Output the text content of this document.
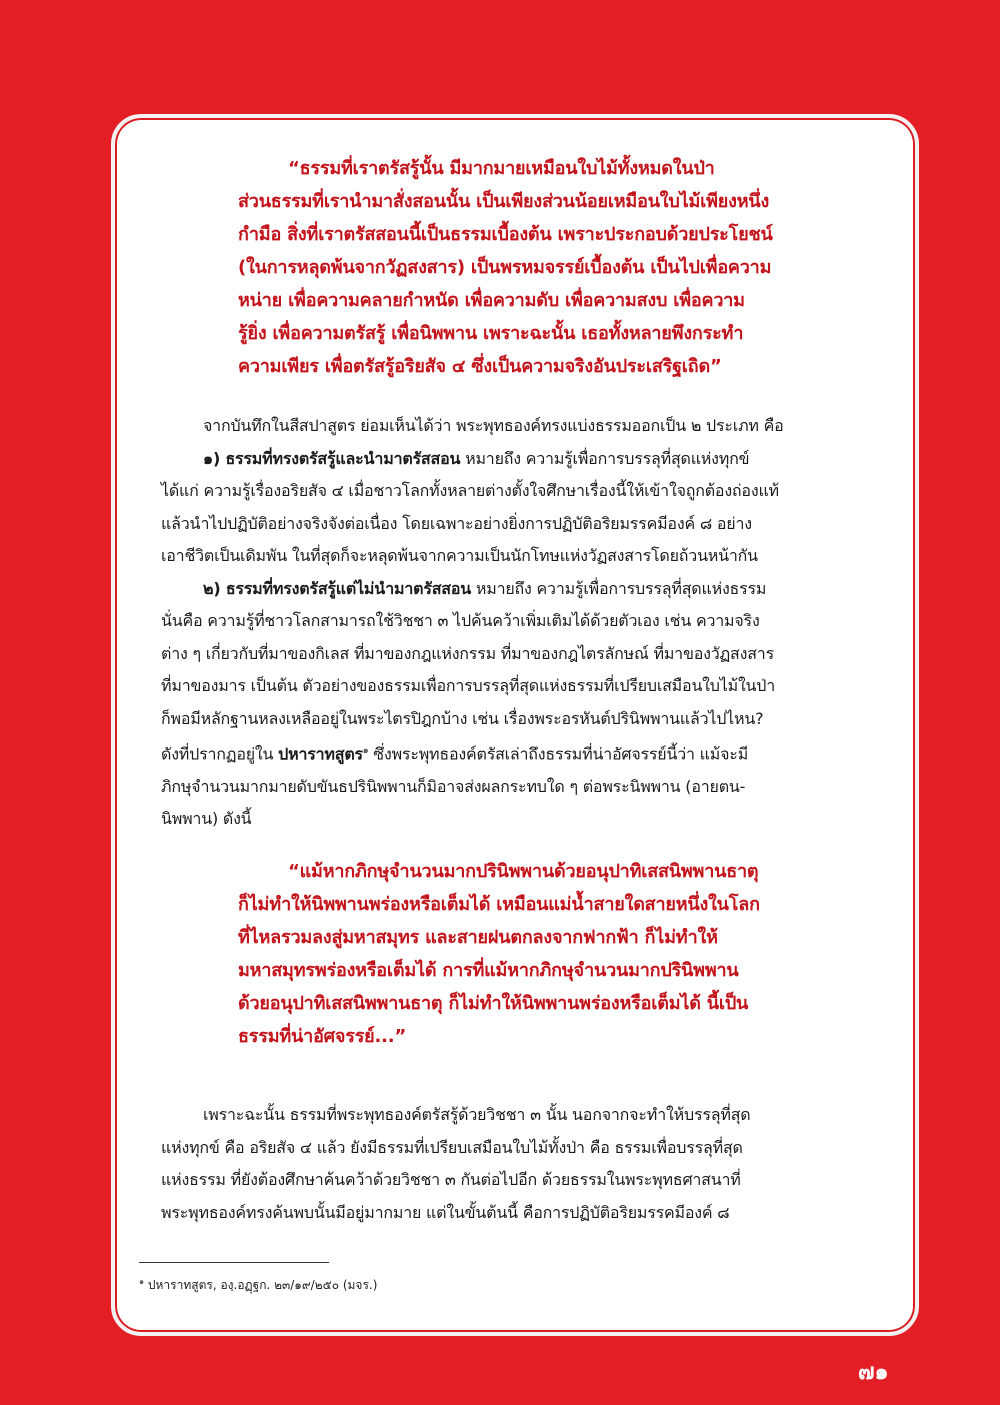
“ธรรมที่เราตรัสรู้นั้น มีมากมายเหมือนใบไม้ทั้งหมดในป่า
ส่วนธรรมที่เรานำมาสั่งสอนนั้น เป็นเพียงส่วนน้อยเหมือนใบไม้เพียงหนึ่ง
กำมือ สิ่งที่เราตรัสสอนนี้เป็นธรรมเบื้องต้น เพราะประกอบด้วยประโยชน์
(ในการหลุดพ้นจากวัฏสงสาร) เป็นพรหมจรรย์เบื้องต้น เป็นไปเพื่อความ
หน่าย เพื่อความคลายกำหนัด เพื่อความดับ เพื่อความสงบ เพื่อความ
รู้ยิ่ง เพื่อความตรัสรู้ เพื่อนิพพาน เพราะฉะนั้น เธอทั้งหลายพึงกระทำ
ความเพียร เพื่อตรัสรู้อริยสัจ ๔ ซึ่งเป็นความจริงอันประเสริฐเถิด”
จากบันทึกในสีสปาสูตร ย่อมเห็นได้ว่า พระพุทธองค์ทรงแบ่งธรรมออกเป็น ๒ ประเภท คือ
๑) ธรรมที่ทรงตรัสรู้และนำมาตรัสสอน หมายถึง ความรู้เพื่อการบรรลุที่สุดแห่งทุกข์
ได้แก่ ความรู้เรื่องอริยสัจ ๔ เมื่อชาวโลกทั้งหลายต่างตั้งใจศึกษาเรื่องนี้ให้เข้าใจถูกต้องถ่องแท้
แล้วนำไปปฏิบัติอย่างจริงจังต่อเนื่อง โดยเฉพาะอย่างยิ่งการปฏิบัติอริยมรรคมีองค์ ๘ อย่าง
เอาชีวิตเป็นเดิมพัน ในที่สุดก็จะหลุดพ้นจากความเป็นนักโทษแห่งวัฏสงสารโดยถ้วนหน้ากัน
๒) ธรรมที่ทรงตรัสรู้แต่ไม่นำมาตรัสสอน หมายถึง ความรู้เพื่อการบรรลุที่สุดแห่งธรรม
นั่นคือ ความรู้ที่ชาวโลกสามารถใช้วิชชา ๓ ไปค้นคว้าเพิ่มเติมได้ด้วยตัวเอง เช่น ความจริง
ต่าง ๆ เกี่ยวกับที่มาของกิเลส ที่มาของกฎแห่งกรรม ที่มาของกฎไตรลักษณ์ ที่มาของวัฏสงสาร
ที่มาของมาร เป็นต้น ตัวอย่างของธรรมเพื่อการบรรลุที่สุดแห่งธรรมที่เปรียบเสมือนใบไม้ในป่า
ก็พอมีหลักฐานหลงเหลืออยู่ในพระไตรปิฎกบ้าง เช่น เรื่องพระอรหันต์ปรินิพพานแล้วไปไหน?
ดังที่ปรากฏอยู่ใน ปหาราทสูตร$^๑$ ซึ่งพระพุทธองค์ตรัสเล่าถึงธรรมที่น่าอัศจรรย์นี้ว่า แม้จะมี
ภิกษุจำนวนมากมายดับขันธปรินิพพานก็มิอาจส่งผลกระทบใด ๆ ต่อพระนิพพาน (อายตน-
นิพพาน) ดังนี้
“แม้หากภิกษุจำนวนมากปรินิพพานด้วยอนุปาทิเสสนิพพานธาตุ
ก็ไม่ทำให้นิพพานพร่องหรือเต็มได้ เหมือนแม่น้ำสายใดสายหนึ่งในโลก
ที่ไหลรวมลงสู่มหาสมุทร และสายฝนตกลงจากฟากฟ้า ก็ไม่ทำให้
มหาสมุทรพร่องหรือเต็มได้ การที่แม้หากภิกษุจำนวนมากปรินิพพาน
ด้วยอนุปาทิเสสนิพพานธาตุ ก็ไม่ทำให้นิพพานพร่องหรือเต็มได้ นี้เป็น
ธรรมที่น่าอัศจรรย์...”
เพราะฉะนั้น ธรรมที่พระพุทธองค์ตรัสรู้ด้วยวิชชา ๓ นั้น นอกจากจะทำให้บรรลุที่สุด
แห่งทุกข์ คือ อริยสัจ ๔ แล้ว ยังมีธรรมที่เปรียบเสมือนใบไม้ทั้งป่า คือ ธรรมเพื่อบรรลุที่สุด
แห่งธรรม ที่ยังต้องศึกษาค้นคว้าด้วยวิชชา ๓ กันต่อไปอีก ด้วยธรรมในพระพุทธศาสนาที่
พระพุทธองค์ทรงค้นพบนั้นมีอยู่มากมาย แต่ในขั้นต้นนี้ คือการปฏิบัติอริยมรรคมีองค์ ๘
$^๑$ ปหาราทสูตร, องฺ.อฏฺฐก. ๒๓/๑๙/๒๕๐ (มจร.)
๗๑
